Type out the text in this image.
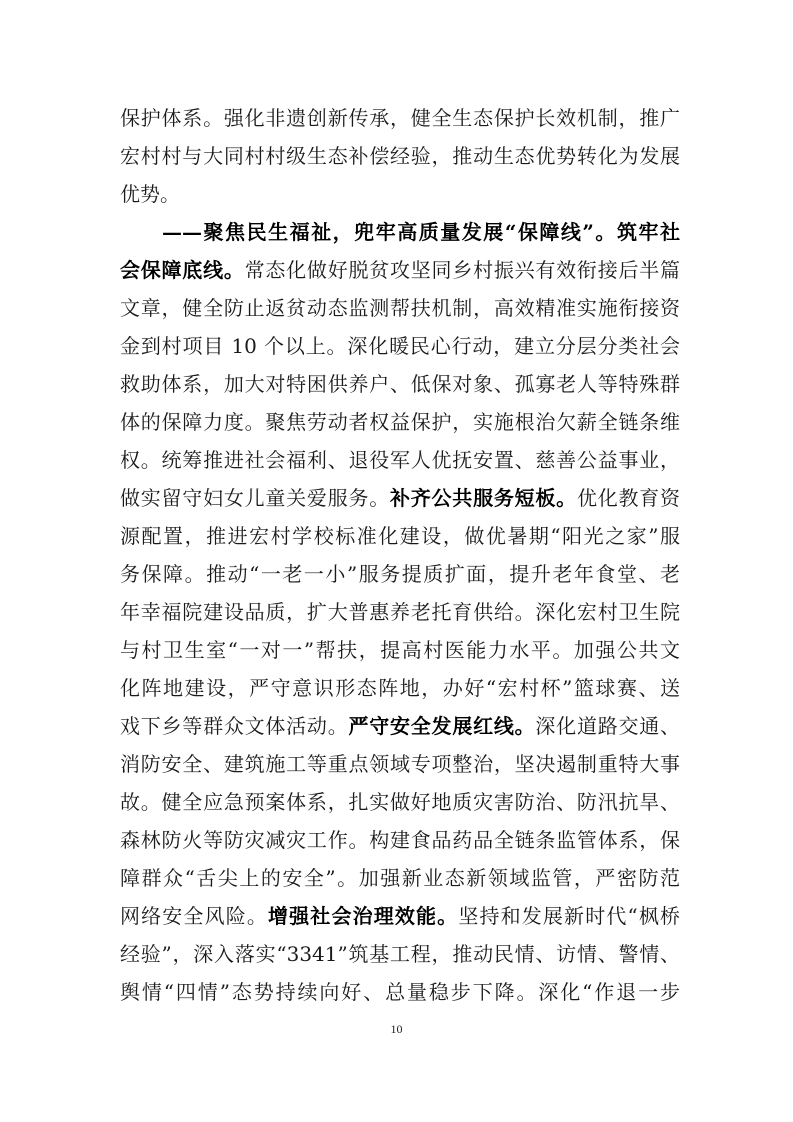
保护体系。强化非遗创新传承，健全生态保护长效机制，推广
宏村村与大同村村级生态补偿经验，推动生态优势转化为发展
优势。
——聚焦民生福祉，兜牢高质量发展“保障线”。筑牢社
会保障底线。常态化做好脱贫攻坚同乡村振兴有效衔接后半篇
文章，健全防止返贫动态监测帮扶机制，高效精准实施衔接资
金到村项目 10 个以上。深化暖民心行动，建立分层分类社会
救助体系，加大对特困供养户、低保对象、孤寡老人等特殊群
体的保障力度。聚焦劳动者权益保护，实施根治欠薪全链条维
权。统筹推进社会福利、退役军人优抚安置、慈善公益事业，
做实留守妇女儿童关爱服务。补齐公共服务短板。优化教育资
源配置，推进宏村学校标准化建设，做优暑期“阳光之家”服
务保障。推动“一老一小”服务提质扩面，提升老年食堂、老
年幸福院建设品质，扩大普惠养老托育供给。深化宏村卫生院
与村卫生室“一对一”帮扶，提高村医能力水平。加强公共文
化阵地建设，严守意识形态阵地，办好“宏村杯”篮球赛、送
戏下乡等群众文体活动。严守安全发展红线。深化道路交通、
消防安全、建筑施工等重点领域专项整治，坚决遏制重特大事
故。健全应急预案体系，扎实做好地质灾害防治、防汛抗旱、
森林防火等防灾减灾工作。构建食品药品全链条监管体系，保
障群众“舌尖上的安全”。加强新业态新领域监管，严密防范
网络安全风险。增强社会治理效能。坚持和发展新时代“枫桥
经验”，深入落实“3341”筑基工程，推动民情、访情、警情、
舆情“四情”态势持续向好、总量稳步下降。深化“作退一步
10
